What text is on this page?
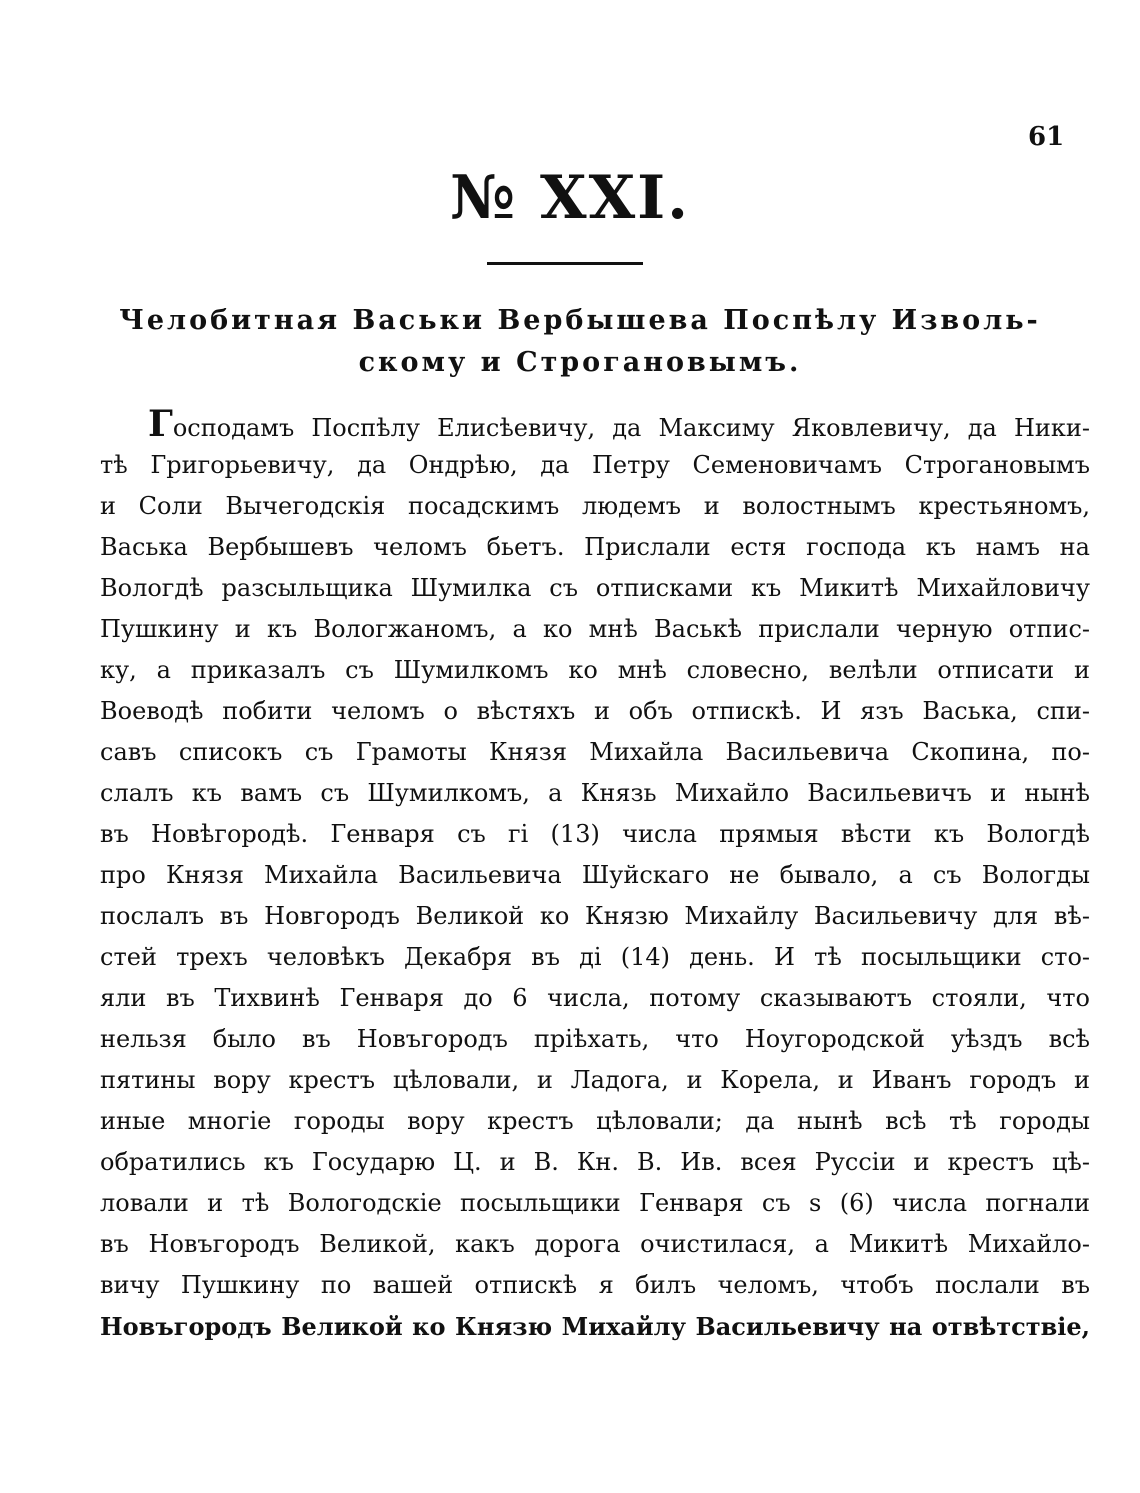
61
№ XXI.
Челобитная Васьки Вербышева Поспѣлу Изволь-
скому и Строгановымъ.
Господамъ Поспѣлу Елисѣевичу, да Максиму Яковлевичу, да Ники-
тѣ Григорьевичу, да Ондрѣю, да Петру Семеновичамъ Строгановымъ
и Соли Вычегодскія посадскимъ людемъ и волостнымъ крестьяномъ,
Васька Вербышевъ челомъ бьетъ. Прислали естя господа къ намъ на
Вологдѣ разсыльщика Шумилка съ отписками къ Микитѣ Михайловичу
Пушкину и къ Вологжаномъ, а ко мнѣ Васькѣ прислали черную отпис-
ку, а приказалъ съ Шумилкомъ ко мнѣ словесно, велѣли отписати и
Воеводѣ побити челомъ о вѣстяхъ и объ отпискѣ. И язъ Васька, спи-
савъ списокъ съ Грамоты Князя Михайла Васильевича Скопина, по-
слалъ къ вамъ съ Шумилкомъ, а Князь Михайло Васильевичъ и нынѣ
въ Новѣгородѣ. Генваря съ гі (13) числа прямыя вѣсти къ Вологдѣ
про Князя Михайла Васильевича Шуйскаго не бывало, а съ Вологды
послалъ въ Новгородъ Великой ко Князю Михайлу Васильевичу для вѣ-
стей трехъ человѣкъ Декабря въ ді (14) день. И тѣ посыльщики сто-
яли въ Тихвинѣ Генваря до 6 числа, потому сказываютъ стояли, что
нельзя было въ Новъгородъ пріѣхать, что Ноугородской уѣздъ всѣ
пятины вору крестъ цѣловали, и Ладога, и Корела, и Иванъ городъ и
иные многіе городы вору крестъ цѣловали; да нынѣ всѣ тѣ городы
обратились къ Государю Ц. и В. Кн. В. Ив. всея Руссіи и крестъ цѣ-
ловали и тѣ Вологодскіе посыльщики Генваря съ ѕ (6) числа погнали
въ Новъгородъ Великой, какъ дорога очистилася, а Микитѣ Михайло-
вичу Пушкину по вашей отпискѣ я билъ челомъ, чтобъ послали въ
Новъгородъ Великой ко Князю Михайлу Васильевичу на отвѣтствіе,
